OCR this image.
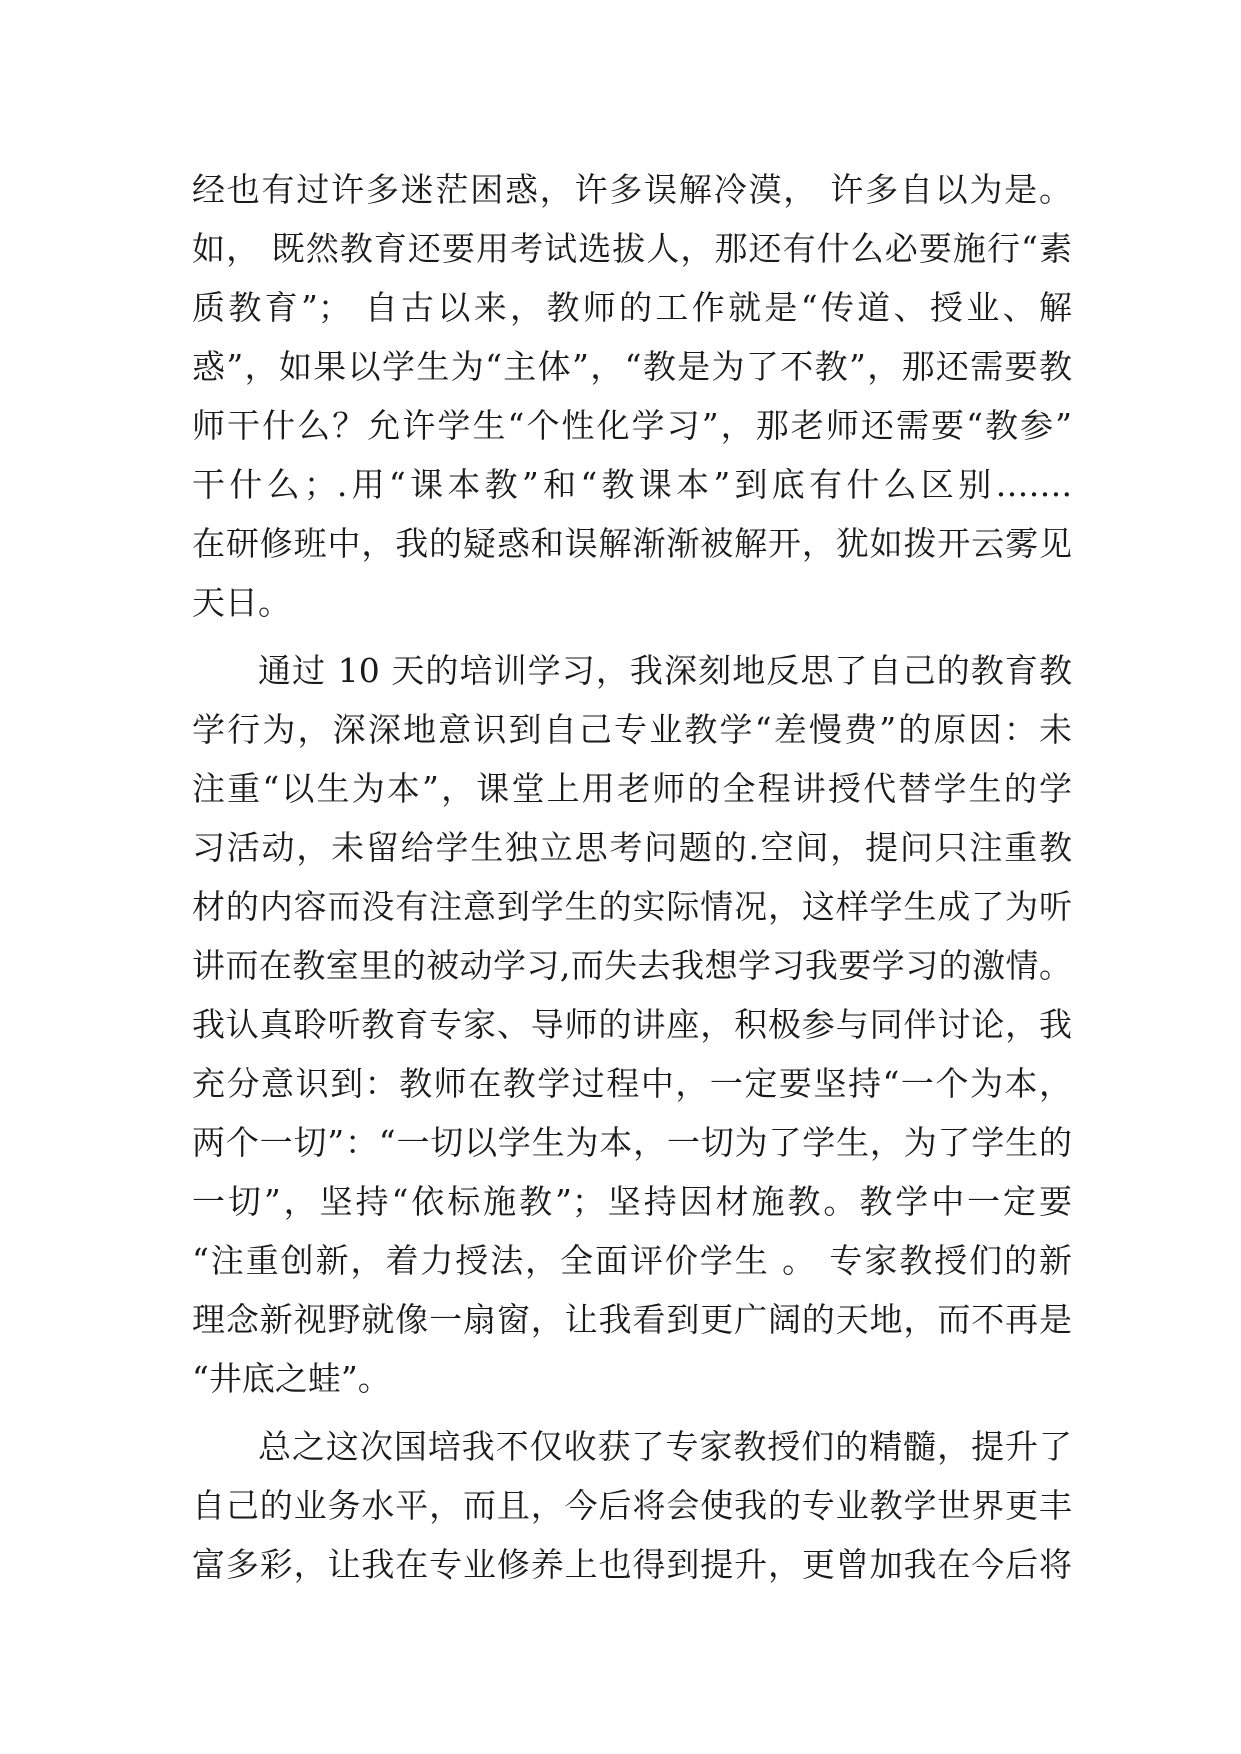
经也有过许多迷茫困惑，许多误解冷漠， 许多自以为是。
如， 既然教育还要用考试选拔人，那还有什么必要施行“素
质教育”； 自古以来，教师的工作就是“传道、授业、解
惑”，如果以学生为“主体”，“教是为了不教”，那还需要教
师干什么？允许学生“个性化学习”，那老师还需要“教参”
干什么；.用“课本教”和“教课本”到底有什么区别…….
在研修班中，我的疑惑和误解渐渐被解开，犹如拨开云雾见
天日。
通过 10 天的培训学习，我深刻地反思了自己的教育教
学行为，深深地意识到自己专业教学“差慢费”的原因：未
注重“以生为本”，课堂上用老师的全程讲授代替学生的学
习活动，未留给学生独立思考问题的.空间，提问只注重教
材的内容而没有注意到学生的实际情况，这样学生成了为听
讲而在教室里的被动学习,而失去我想学习我要学习的激情。
我认真聆听教育专家、导师的讲座，积极参与同伴讨论，我
充分意识到：教师在教学过程中，一定要坚持“一个为本，
两个一切”：“一切以学生为本，一切为了学生，为了学生的
一切”，坚持“依标施教”；坚持因材施教。教学中一定要
“注重创新，着力授法，全面评价学生 。 专家教授们的新
理念新视野就像一扇窗，让我看到更广阔的天地，而不再是
“井底之蛙”。
总之这次国培我不仅收获了专家教授们的精髓，提升了
自己的业务水平，而且，今后将会使我的专业教学世界更丰
富多彩，让我在专业修养上也得到提升，更曾加我在今后将
